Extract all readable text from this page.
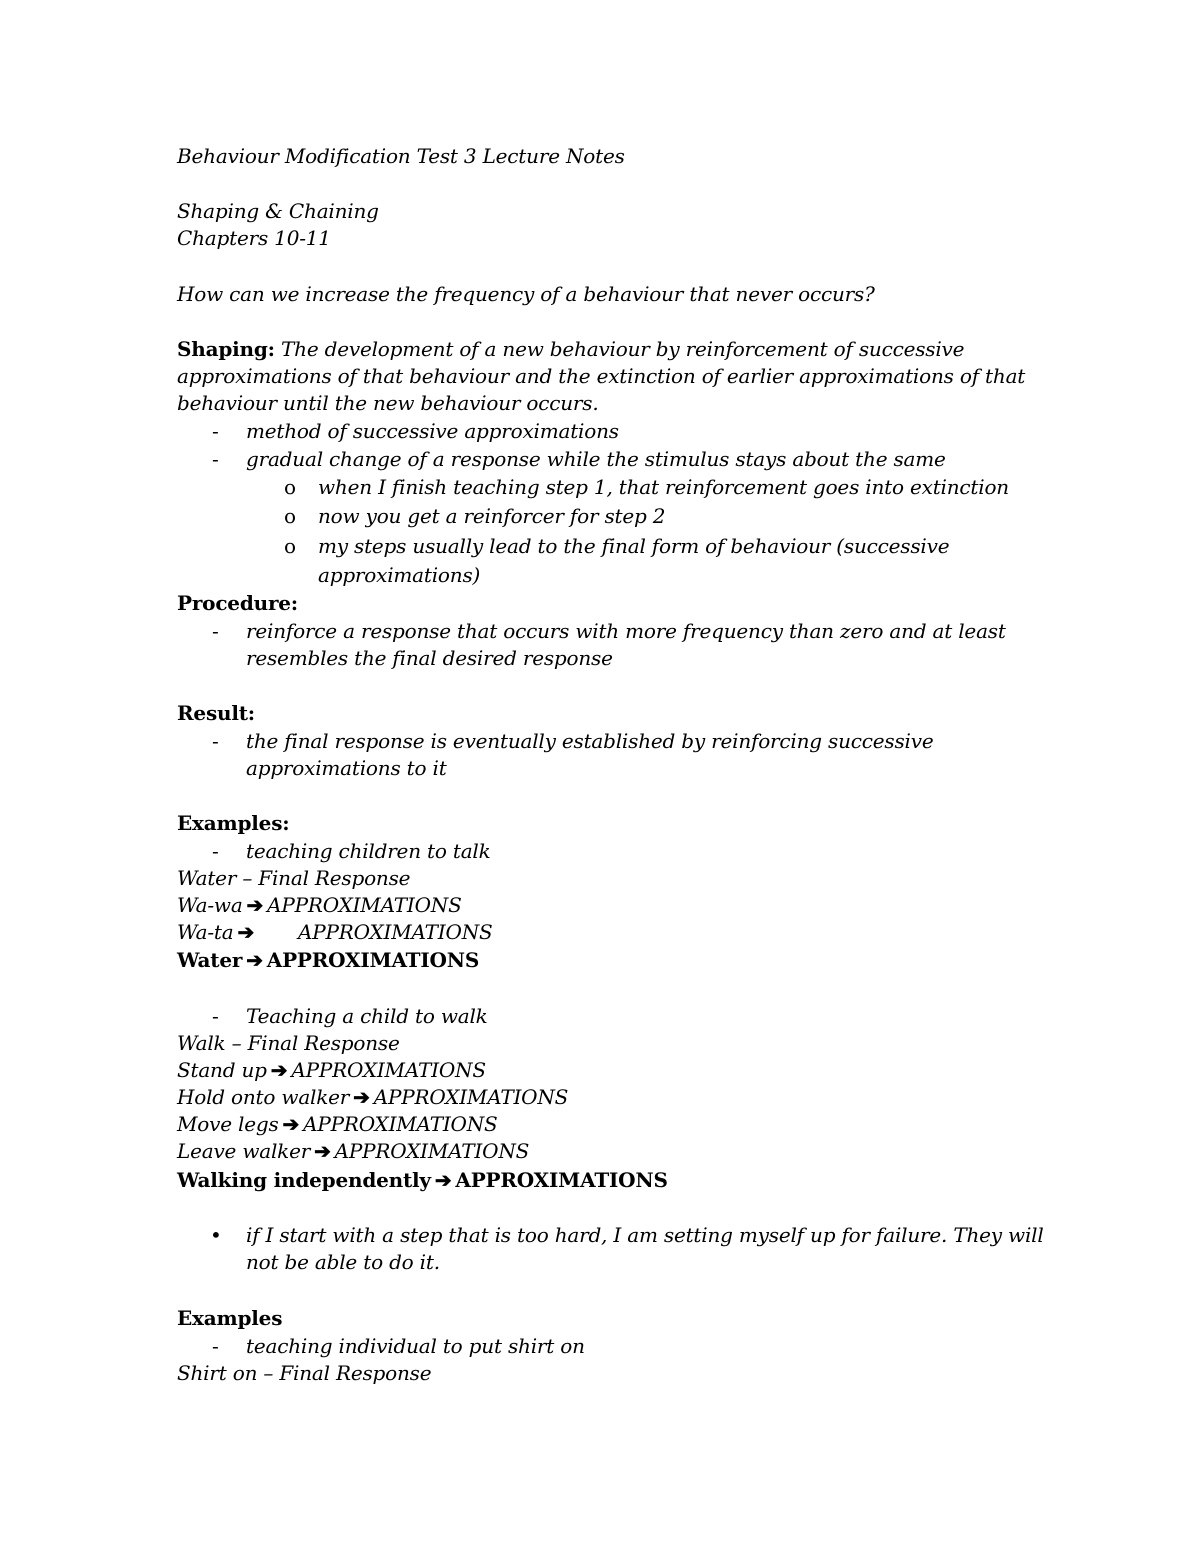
Behaviour Modification Test 3 Lecture Notes
Shaping & Chaining
Chapters 10-11
How can we increase the frequency of a behaviour that never occurs?
Shaping: The development of a new behaviour by reinforcement of successive
approximations of that behaviour and the extinction of earlier approximations of that
behaviour until the new behaviour occurs.
- method of successive approximations
- gradual change of a response while the stimulus stays about the same
o when I finish teaching step 1, that reinforcement goes into extinction
o now you get a reinforcer for step 2
o my steps usually lead to the final form of behaviour (successive
approximations)
Procedure:
- reinforce a response that occurs with more frequency than zero and at least
resembles the final desired response
Result:
- the final response is eventually established by reinforcing successive
approximations to it
Examples:
- teaching children to talk
Water – Final Response
Wa-wa ➔ APPROXIMATIONS
Wa-ta ➔ APPROXIMATIONS
Water ➔ APPROXIMATIONS
- Teaching a child to walk
Walk – Final Response
Stand up ➔ APPROXIMATIONS
Hold onto walker ➔ APPROXIMATIONS
Move legs ➔ APPROXIMATIONS
Leave walker ➔ APPROXIMATIONS
Walking independently ➔ APPROXIMATIONS
• if I start with a step that is too hard, I am setting myself up for failure. They will
not be able to do it.
Examples
- teaching individual to put shirt on
Shirt on – Final Response
